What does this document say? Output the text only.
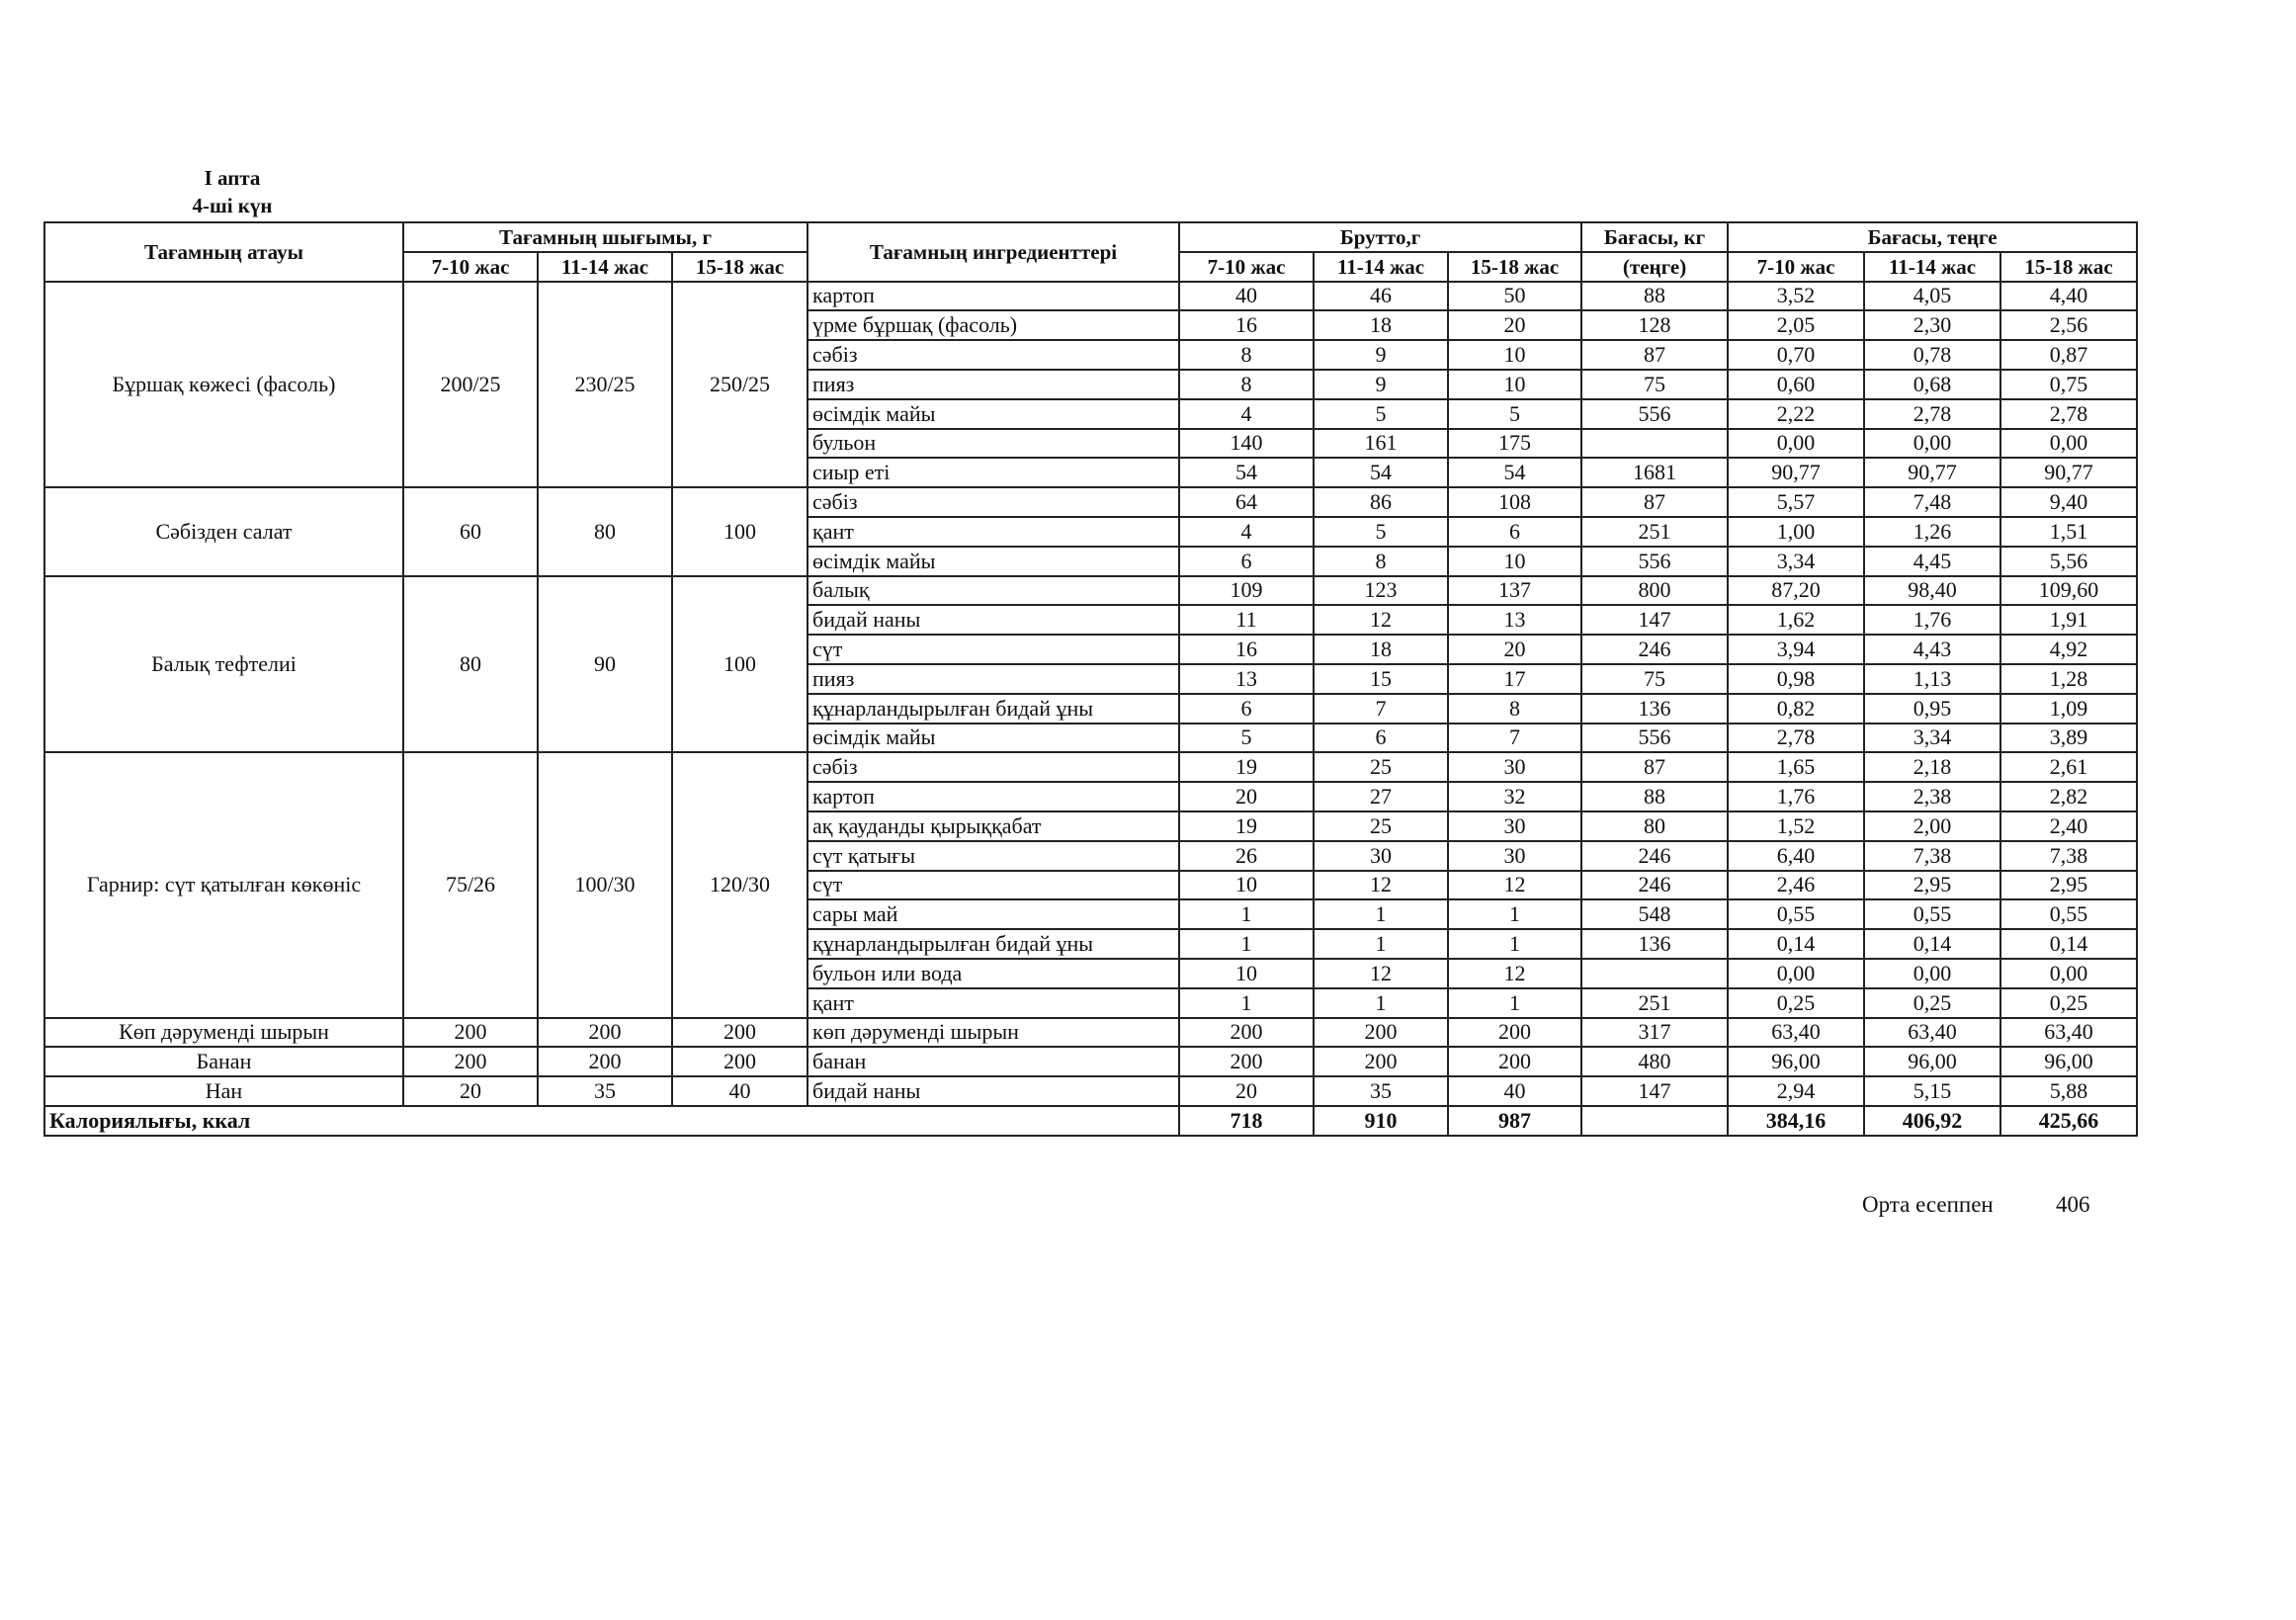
I апта
4-ші күн
Тағамның атауы	Тағамның шығымы, г			Тағамның ингредиенттері	Брутто,г			Бағасы, кг	Бағасы, теңге		
	7-10 жас	11-14 жас	15-18 жас		7-10 жас	11-14 жас	15-18 жас	(теңге)	7-10 жас	11-14 жас	15-18 жас
Бұршақ көжесі (фасоль)	200/25	230/25	250/25	картоп	40	46	50	88	3,52	4,05	4,40
				үрме бұршақ (фасоль)	16	18	20	128	2,05	2,30	2,56
				сәбіз	8	9	10	87	0,70	0,78	0,87
				пияз	8	9	10	75	0,60	0,68	0,75
				өсімдік майы	4	5	5	556	2,22	2,78	2,78
				бульон	140	161	175		0,00	0,00	0,00
				сиыр еті	54	54	54	1681	90,77	90,77	90,77
Сәбізден салат	60	80	100	сәбіз	64	86	108	87	5,57	7,48	9,40
				қант	4	5	6	251	1,00	1,26	1,51
				өсімдік майы	6	8	10	556	3,34	4,45	5,56
Балық тефтелиі	80	90	100	балық	109	123	137	800	87,20	98,40	109,60
				бидай наны	11	12	13	147	1,62	1,76	1,91
				сүт	16	18	20	246	3,94	4,43	4,92
				пияз	13	15	17	75	0,98	1,13	1,28
				құнарландырылған бидай ұны	6	7	8	136	0,82	0,95	1,09
				өсімдік майы	5	6	7	556	2,78	3,34	3,89
Гарнир: сүт қатылған көкөніс	75/26	100/30	120/30	сәбіз	19	25	30	87	1,65	2,18	2,61
				картоп	20	27	32	88	1,76	2,38	2,82
				ақ қауданды қырыққабат	19	25	30	80	1,52	2,00	2,40
				сүт қатығы	26	30	30	246	6,40	7,38	7,38
				сүт	10	12	12	246	2,46	2,95	2,95
				сары май	1	1	1	548	0,55	0,55	0,55
				құнарландырылған бидай ұны	1	1	1	136	0,14	0,14	0,14
				бульон или вода	10	12	12		0,00	0,00	0,00
				қант	1	1	1	251	0,25	0,25	0,25
Көп дәруменді шырын	200	200	200	көп дәруменді шырын	200	200	200	317	63,40	63,40	63,40
Банан	200	200	200	банан	200	200	200	480	96,00	96,00	96,00
Нан	20	35	40	бидай наны	20	35	40	147	2,94	5,15	5,88
Калориялығы, ккал					718	910	987		384,16	406,92	425,66
Орта есеппен	406
